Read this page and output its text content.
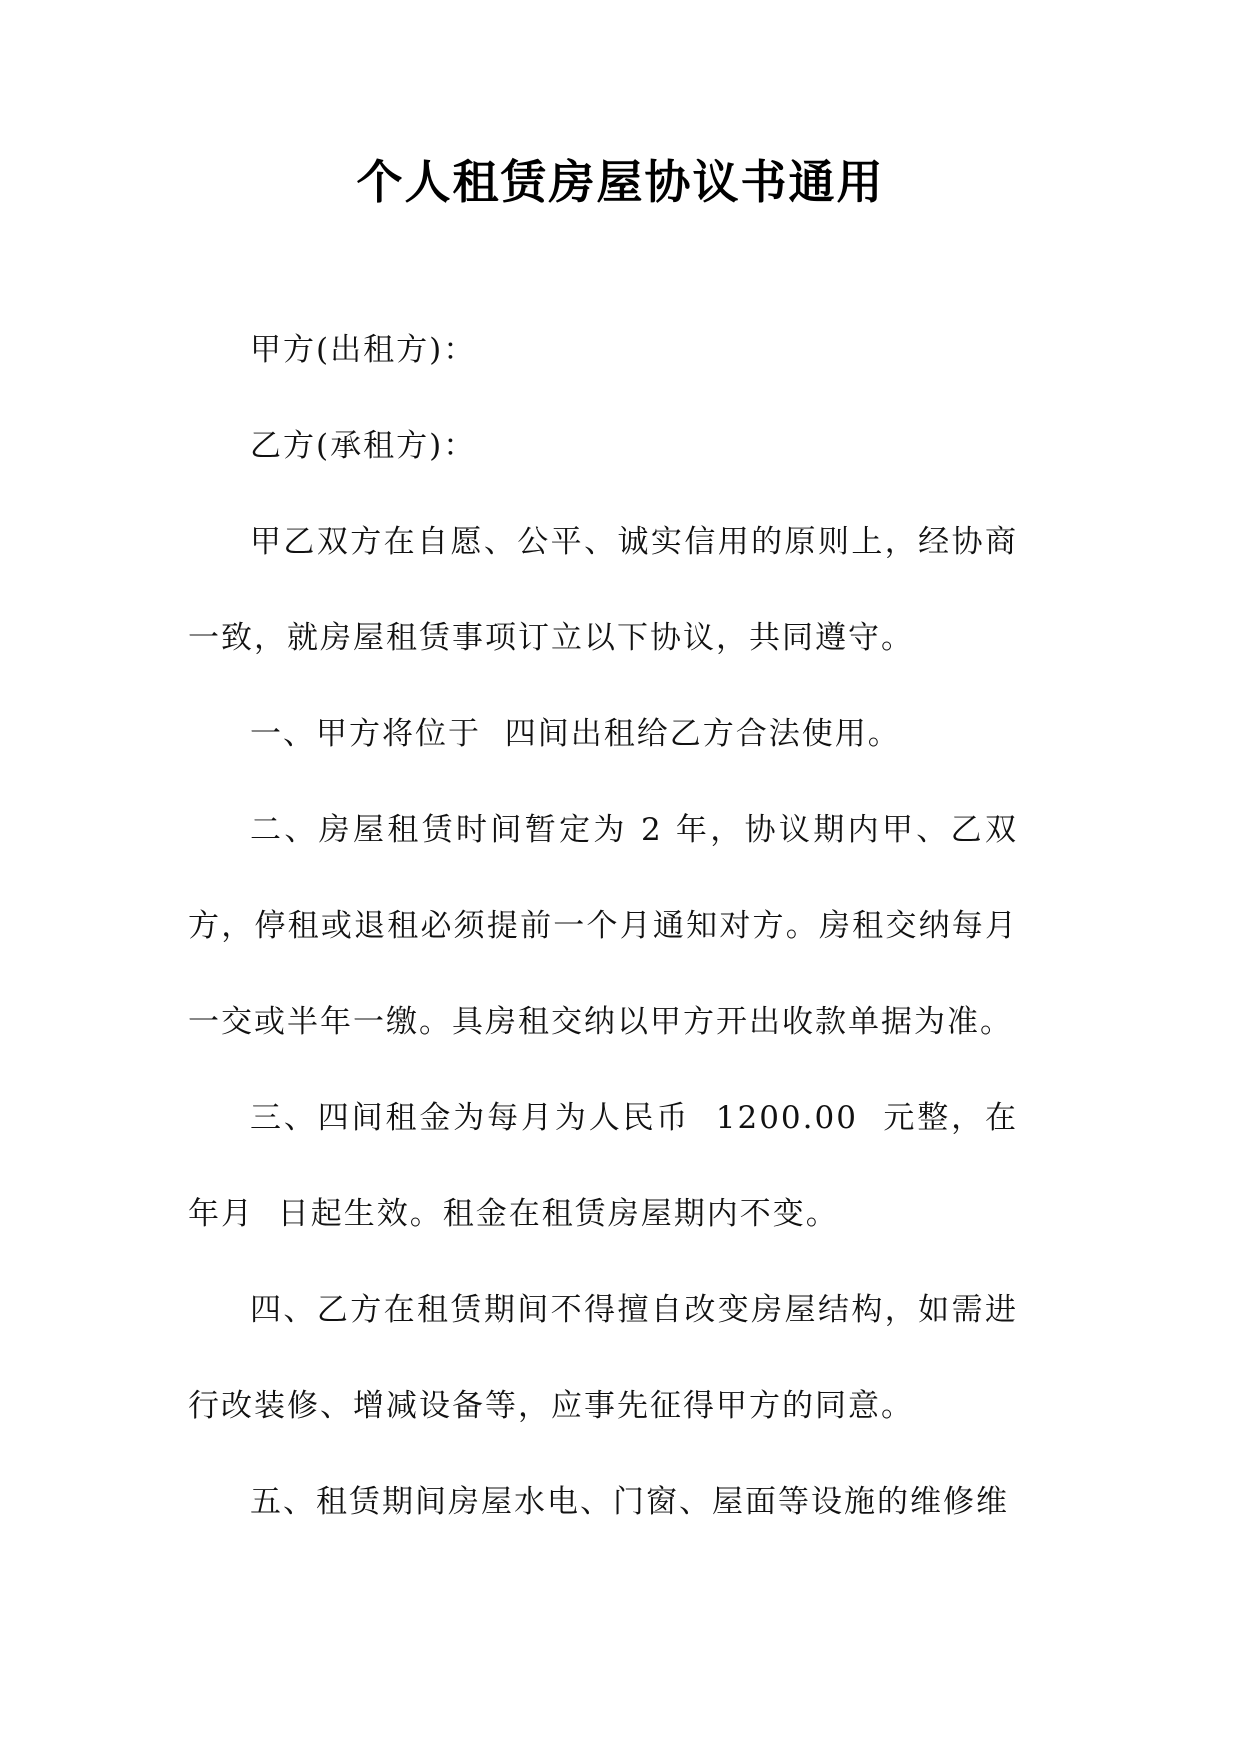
个人租赁房屋协议书通用

甲方(出租方)：

乙方(承租方)：

甲乙双方在自愿、公平、诚实信用的原则上，经协商一致，就房屋租赁事项订立以下协议，共同遵守。

一、甲方将位于  四间出租给乙方合法使用。

二、房屋租赁时间暂定为 2 年，协议期内甲、乙双方，停租或退租必须提前一个月通知对方。房租交纳每月一交或半年一缴。具房租交纳以甲方开出收款单据为准。

三、四间租金为每月为人民币  1200.00  元整，在  年月  日起生效。租金在租赁房屋期内不变。

四、乙方在租赁期间不得擅自改变房屋结构，如需进行改装修、增减设备等，应事先征得甲方的同意。

五、租赁期间房屋水电、门窗、屋面等设施的维修维
